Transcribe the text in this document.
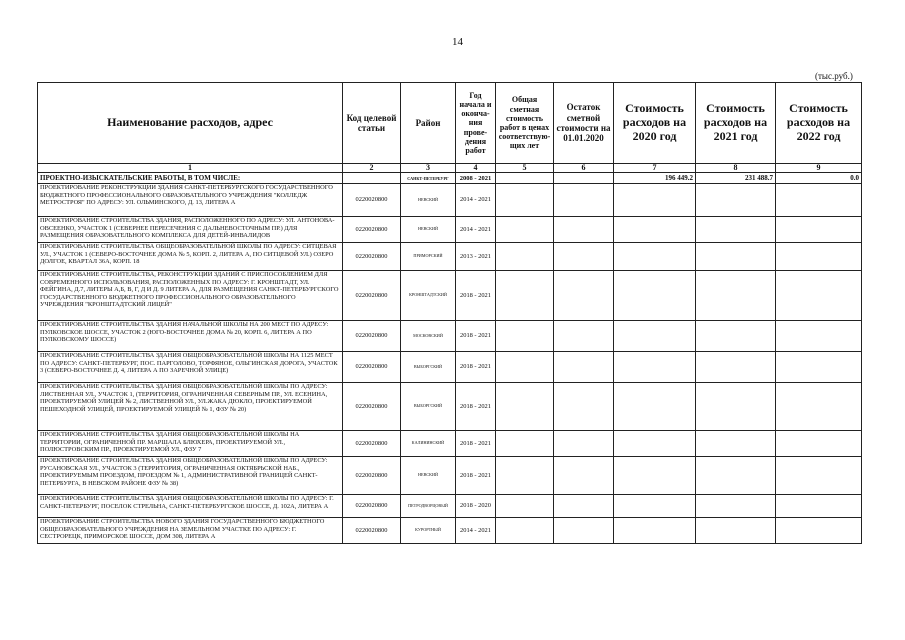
14
(тыс.руб.)
Наименование расходов, адрес	Код целевой статьи	Район	Год начала и оконча-ния прове-дения работ	Общая сметная стоимость работ в ценах соответствую-щих лет	Остаток сметной стоимости на 01.01.2020	Стоимость расходов на 2020 год	Стоимость расходов на 2021 год	Стоимость расходов на 2022 год
1	2	3	4	5	6	7	8	9
ПРОЕКТНО-ИЗЫСКАТЕЛЬСКИЕ РАБОТЫ, В ТОМ ЧИСЛЕ:		САНКТ-ПЕТЕРБУРГ	2008 - 2021			196 449.2	231 488.7	0.0
ПРОЕКТИРОВАНИЕ РЕКОНСТРУКЦИИ ЗДАНИЯ САНКТ-ПЕТЕРБУРГСКОГО ГОСУДАРСТВЕННОГО БЮДЖЕТНОГО ПРОФЕССИОНАЛЬНОГО ОБРАЗОВАТЕЛЬНОГО УЧРЕЖДЕНИЯ "КОЛЛЕДЖ МЕТРОСТРОЯ" ПО АДРЕСУ: УЛ. ОЛЬМИНСКОГО, Д. 13, ЛИТЕРА А	0220020800	НЕВСКИЙ	2014 - 2021					
ПРОЕКТИРОВАНИЕ СТРОИТЕЛЬСТВА ЗДАНИЯ, РАСПОЛОЖЕННОГО ПО АДРЕСУ: УЛ. АНТОНОВА-ОВСЕЕНКО, УЧАСТОК 1 (СЕВЕРНЕЕ ПЕРЕСЕЧЕНИЯ С ДАЛЬНЕВОСТОЧНЫМ ПР.) ДЛЯ РАЗМЕЩЕНИЯ ОБРАЗОВАТЕЛЬНОГО КОМПЛЕКСА ДЛЯ ДЕТЕЙ-ИНВАЛИДОВ	0220020800	НЕВСКИЙ	2014 - 2021					
ПРОЕКТИРОВАНИЕ СТРОИТЕЛЬСТВА ОБЩЕОБРАЗОВАТЕЛЬНОЙ ШКОЛЫ ПО АДРЕСУ: СИТЦЕВАЯ УЛ., УЧАСТОК 1 (СЕВЕРО-ВОСТОЧНЕЕ ДОМА № 5, КОРП. 2, ЛИТЕРА А, ПО СИТЦЕВОЙ УЛ.) ОЗЕРО ДОЛГОЕ, КВАРТАЛ 36А, КОРП. 18	0220020800	ПРИМОРСКИЙ	2013 - 2021					
ПРОЕКТИРОВАНИЕ СТРОИТЕЛЬСТВА, РЕКОНСТРУКЦИИ ЗДАНИЙ С ПРИСПОСОБЛЕНИЕМ ДЛЯ СОВРЕМЕННОГО ИСПОЛЬЗОВАНИЯ, РАСПОЛОЖЕННЫХ ПО АДРЕСУ: Г. КРОНШТАДТ, УЛ. ФЕЙГИНА, Д.7, ЛИТЕРЫ А,Б, В, Г, Д И Д. 9 ЛИТЕРА А, ДЛЯ РАЗМЕЩЕНИЯ САНКТ-ПЕТЕРБУРГСКОГО ГОСУДАРСТВЕННОГО БЮДЖЕТНОГО ПРОФЕССИОНАЛЬНОГО ОБРАЗОВАТЕЛЬНОГО УЧРЕЖДЕНИЯ "КРОНШТАДТСКИЙ ЛИЦЕЙ"	0220020800	КРОНШТАДТСКИЙ	2018 - 2021					
ПРОЕКТИРОВАНИЕ СТРОИТЕЛЬСТВА ЗДАНИЯ НАЧАЛЬНОЙ ШКОЛЫ НА 200 МЕСТ ПО АДРЕСУ: ПУЛКОВСКОЕ ШОССЕ, УЧАСТОК 2 (ЮГО-ВОСТОЧНЕЕ ДОМА № 20, КОРП. 6, ЛИТЕРА А ПО ПУЛКОВСКОМУ ШОССЕ)	0220020800	МОСКОВСКИЙ	2018 - 2021					
ПРОЕКТИРОВАНИЕ СТРОИТЕЛЬСТВА ЗДАНИЯ ОБЩЕОБРАЗОВАТЕЛЬНОЙ ШКОЛЫ НА 1125 МЕСТ ПО АДРЕСУ: САНКТ-ПЕТЕРБУРГ, ПОС. ПАРГОЛОВО, ТОРФЯНОЕ, ОЛЬГИНСКАЯ ДОРОГА, УЧАСТОК 3 (СЕВЕРО-ВОСТОЧНЕЕ Д. 4, ЛИТЕРА А ПО ЗАРЕЧНОЙ УЛИЦЕ)	0220020800	ВЫБОРГСКИЙ	2018 - 2021					
ПРОЕКТИРОВАНИЕ СТРОИТЕЛЬСТВА ЗДАНИЯ ОБЩЕОБРАЗОВАТЕЛЬНОЙ ШКОЛЫ ПО АДРЕСУ: ЛИСТВЕННАЯ УЛ., УЧАСТОК 1, (ТЕРРИТОРИЯ, ОГРАНИЧЕННАЯ СЕВЕРНЫМ ПР., УЛ. ЕСЕНИНА, ПРОЕКТИРУЕМОЙ УЛИЦЕЙ № 2, ЛИСТВЕННОЙ УЛ., УЛ.ЖАКА ДЮКЛО, ПРОЕКТИРУЕМОЙ ПЕШЕХОДНОЙ УЛИЦЕЙ, ПРОЕКТИРУЕМОЙ УЛИЦЕЙ № 1, ФЗУ № 20)	0220020800	ВЫБОРГСКИЙ	2018 - 2021					
ПРОЕКТИРОВАНИЕ СТРОИТЕЛЬСТВА ЗДАНИЯ ОБЩЕОБРАЗОВАТЕЛЬНОЙ ШКОЛЫ НА ТЕРРИТОРИИ, ОГРАНИЧЕННОЙ ПР. МАРШАЛА БЛЮХЕРА, ПРОЕКТИРУЕМОЙ УЛ., ПОЛЮСТРОВСКИМ ПР., ПРОЕКТИРУЕМОЙ УЛ., ФЗУ 7	0220020800	КАЛИНИНСКИЙ	2018 - 2021					
ПРОЕКТИРОВАНИЕ СТРОИТЕЛЬСТВА ЗДАНИЯ ОБЩЕОБРАЗОВАТЕЛЬНОЙ ШКОЛЫ ПО АДРЕСУ: РУСАНОВСКАЯ УЛ., УЧАСТОК 3 (ТЕРРИТОРИЯ, ОГРАНИЧЕННАЯ ОКТЯБРЬСКОЙ НАБ., ПРОЕКТИРУЕМЫМ ПРОЕЗДОМ, ПРОЕЗДОМ № 1, АДМИНИСТРАТИВНОЙ ГРАНИЦЕЙ САНКТ-ПЕТЕРБУРГА, В НЕВСКОМ РАЙОНЕ ФЗУ № 38)	0220020800	НЕВСКИЙ	2018 - 2021					
ПРОЕКТИРОВАНИЕ СТРОИТЕЛЬСТВА ЗДАНИЯ ОБЩЕОБРАЗОВАТЕЛЬНОЙ ШКОЛЫ ПО АДРЕСУ: Г. САНКТ-ПЕТЕРБУРГ, ПОСЕЛОК СТРЕЛЬНА, САНКТ-ПЕТЕРБУРГСКОЕ ШОССЕ, Д. 102А, ЛИТЕРА А	0220020800	ПЕТРОДВОРЦОВЫЙ	2018 - 2020					
ПРОЕКТИРОВАНИЕ СТРОИТЕЛЬСТВА НОВОГО ЗДАНИЯ ГОСУДАРСТВЕННОГО БЮДЖЕТНОГО ОБЩЕОБРАЗОВАТЕЛЬНОГО УЧРЕЖДЕНИЯ НА ЗЕМЕЛЬНОМ УЧАСТКЕ ПО АДРЕСУ: Г. СЕСТРОРЕЦК, ПРИМОРСКОЕ ШОССЕ, ДОМ 308, ЛИТЕРА А	0220020800	КУРОРТНЫЙ	2014 - 2021					
